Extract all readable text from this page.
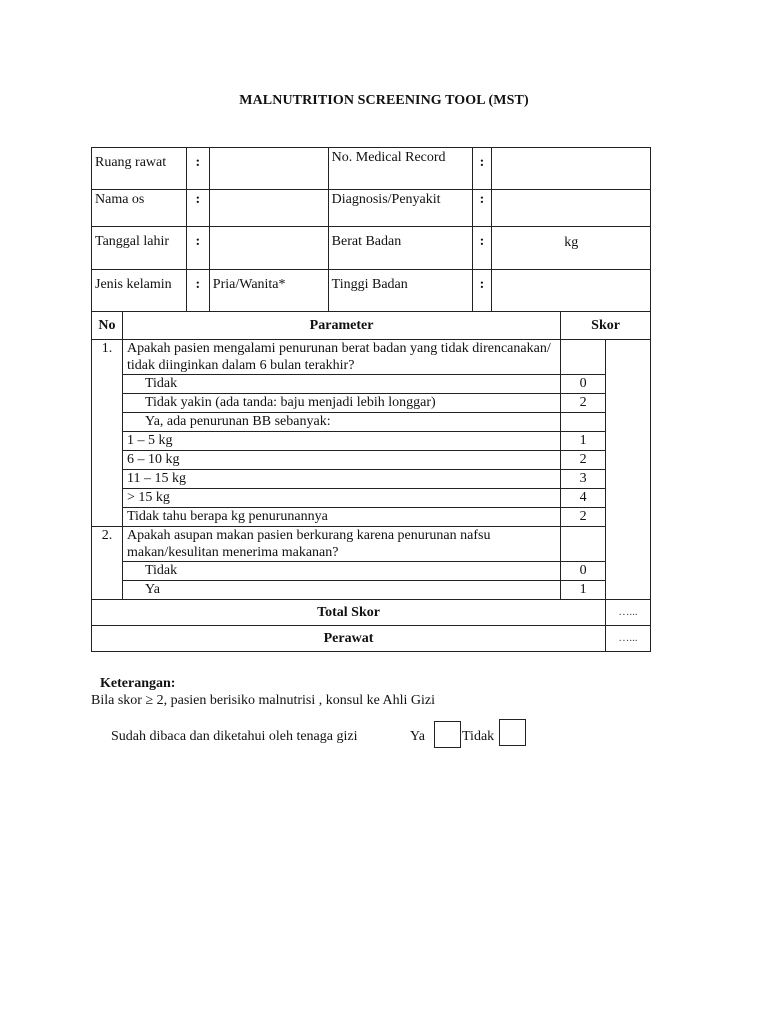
MALNUTRITION SCREENING TOOL (MST)
Ruang rawat	:		No. Medical Record	:	
Nama os	:		Diagnosis/Penyakit	:	
Tanggal lahir	:		Berat Badan	:	kg
Jenis kelamin	:	Pria/Wanita*	Tinggi Badan	:	
No	Parameter	Skor	
1.	Apakah pasien mengalami penurunan berat badan yang tidak direncanakan/ tidak diinginkan dalam 6 bulan terakhir?		
	Tidak	0	
	Tidak yakin (ada tanda: baju menjadi lebih longgar)	2	
	Ya, ada penurunan BB sebanyak:		
	1 – 5 kg	1	
	6 – 10 kg	2	
	11 – 15 kg	3	
	> 15 kg	4	
	Tidak tahu berapa kg penurunannya	2	
2.	Apakah asupan makan pasien berkurang karena penurunan nafsu makan/kesulitan menerima makanan?		
	Tidak	0	
	Ya	1	
Total Skor			…...
Perawat			…...
Keterangan:
Bila skor ≥ 2, pasien berisiko malnutrisi , konsul ke Ahli Gizi
Sudah dibaca dan diketahui oleh tenaga gizi	Ya	Tidak
